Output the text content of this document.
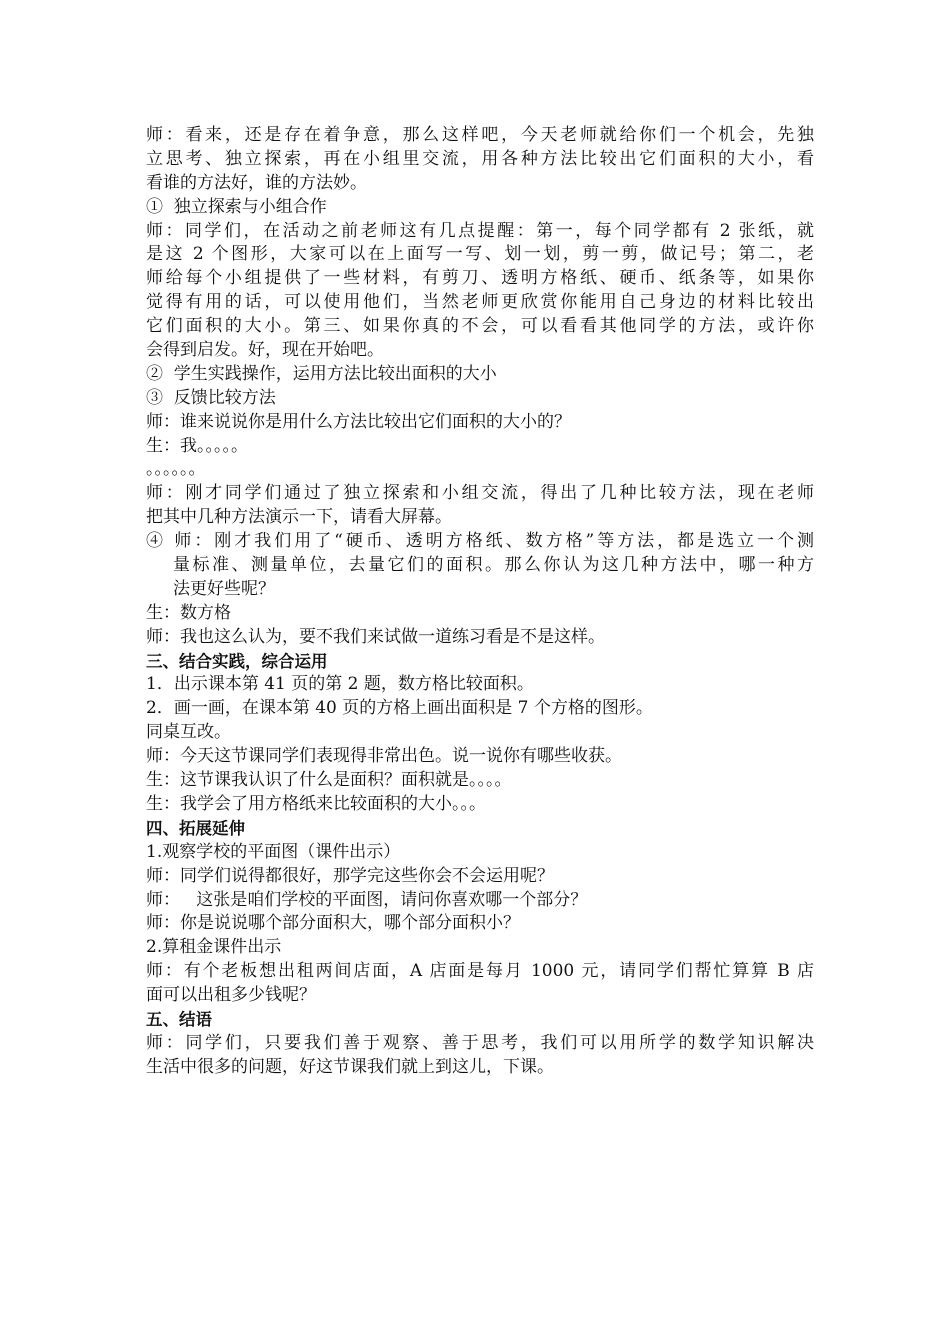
师：看来，还是存在着争意，那么这样吧，今天老师就给你们一个机会，先独
立思考、独立探索，再在小组里交流，用各种方法比较出它们面积的大小，看
看谁的方法好，谁的方法妙。
①  独立探索与小组合作
师：同学们，在活动之前老师这有几点提醒：第一，每个同学都有 2 张纸，就
是这 2 个图形，大家可以在上面写一写、划一划，剪一剪，做记号；第二，老
师给每个小组提供了一些材料，有剪刀、透明方格纸、硬币、纸条等，如果你
觉得有用的话，可以使用他们，当然老师更欣赏你能用自己身边的材料比较出
它们面积的大小。第三、如果你真的不会，可以看看其他同学的方法，或许你
会得到启发。好，现在开始吧。
②  学生实践操作，运用方法比较出面积的大小
③  反馈比较方法
师：谁来说说你是用什么方法比较出它们面积的大小的？
生：我。。。。。
。。。。。。
师：刚才同学们通过了独立探索和小组交流，得出了几种比较方法，现在老师
把其中几种方法演示一下，请看大屏幕。
④ 师：刚才我们用了“硬币、透明方格纸、数方格”等方法，都是选立一个测
量标准、测量单位，去量它们的面积。那么你认为这几种方法中，哪一种方
法更好些呢？
生：数方格
师：我也这么认为，要不我们来试做一道练习看是不是这样。
三、结合实践，综合运用
1．出示课本第 41 页的第 2 题，数方格比较面积。
2．画一画，在课本第 40 页的方格上画出面积是 7 个方格的图形。
同桌互改。
师：今天这节课同学们表现得非常出色。说一说你有哪些收获。
生：这节课我认识了什么是面积？面积就是。。。。
生：我学会了用方格纸来比较面积的大小。。。
四、拓展延伸
1.观察学校的平面图（课件出示）
师：同学们说得都很好，那学完这些你会不会运用呢？
师：   这张是咱们学校的平面图，请问你喜欢哪一个部分？
师：你是说说哪个部分面积大，哪个部分面积小？
2.算租金课件出示
师：有个老板想出租两间店面，A 店面是每月 1000 元，请同学们帮忙算算 B 店
面可以出租多少钱呢？
五、结语
师：同学们，只要我们善于观察、善于思考，我们可以用所学的数学知识解决
生活中很多的问题，好这节课我们就上到这儿，下课。
